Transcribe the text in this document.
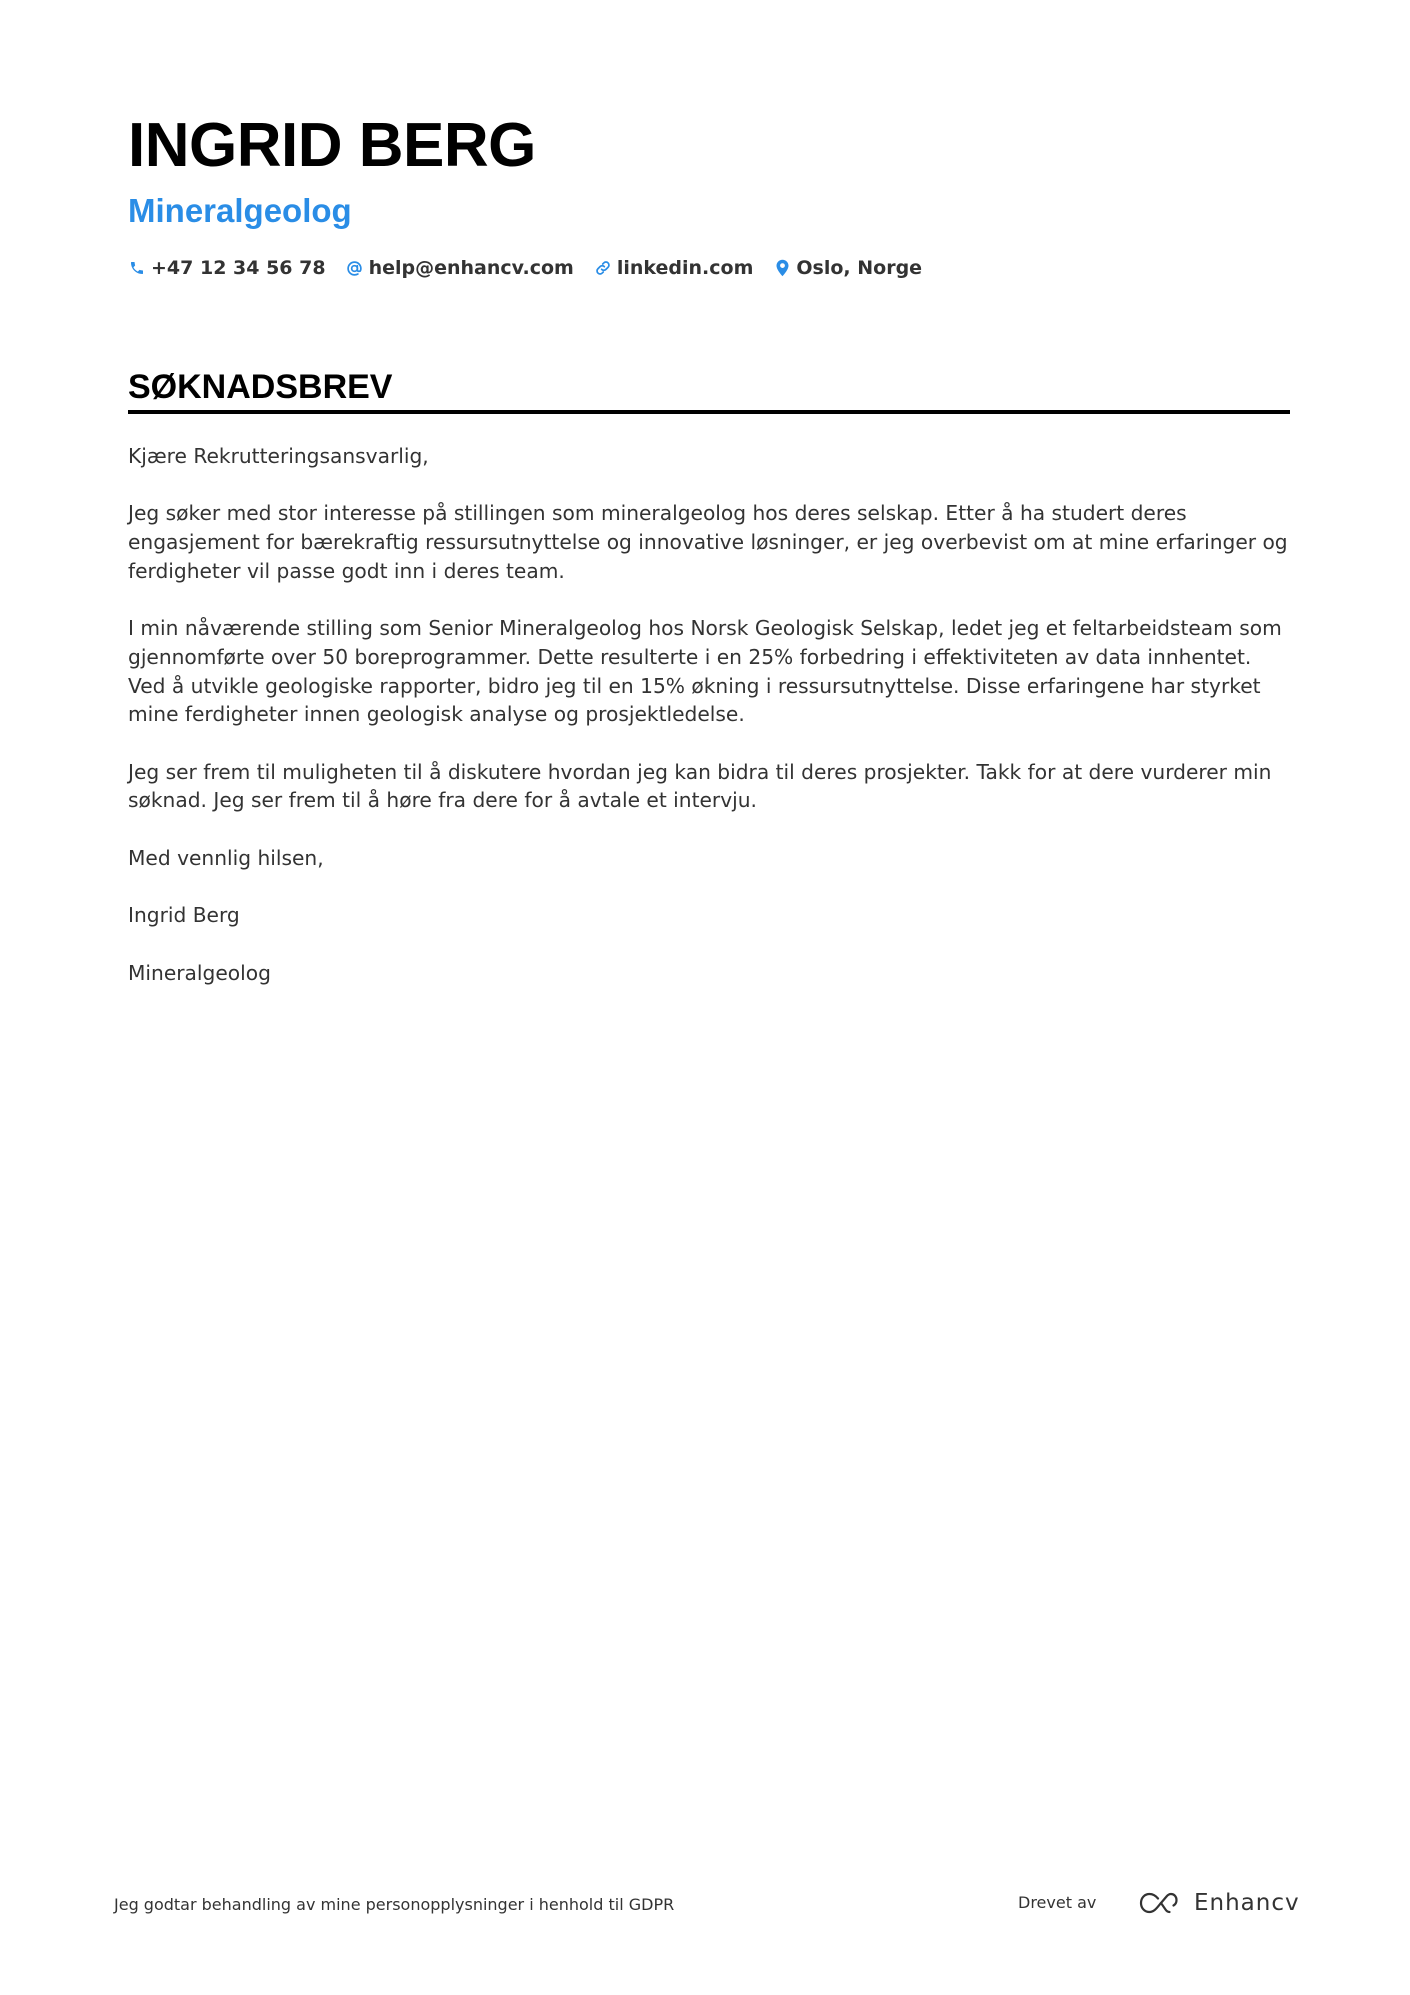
INGRID BERG
Mineralgeolog
+47 12 34 56 78 help@enhancv.com linkedin.com Oslo, Norge
SØKNADSBREV

Kjære Rekrutteringsansvarlig,

Jeg søker med stor interesse på stillingen som mineralgeolog hos deres selskap. Etter å ha studert deres engasjement for bærekraftig ressursutnyttelse og innovative løsninger, er jeg overbevist om at mine erfaringer og ferdigheter vil passe godt inn i deres team.

I min nåværende stilling som Senior Mineralgeolog hos Norsk Geologisk Selskap, ledet jeg et feltarbeidsteam som gjennomførte over 50 boreprogrammer. Dette resulterte i en 25% forbedring i effektiviteten av data innhentet. Ved å utvikle geologiske rapporter, bidro jeg til en 15% økning i ressursutnyttelse. Disse erfaringene har styrket mine ferdigheter innen geologisk analyse og prosjektledelse.

Jeg ser frem til muligheten til å diskutere hvordan jeg kan bidra til deres prosjekter. Takk for at dere vurderer min søknad. Jeg ser frem til å høre fra dere for å avtale et intervju.

Med vennlig hilsen,

Ingrid Berg

Mineralgeolog

Jeg godtar behandling av mine personopplysninger i henhold til GDPR	Drevet av	Enhancv
